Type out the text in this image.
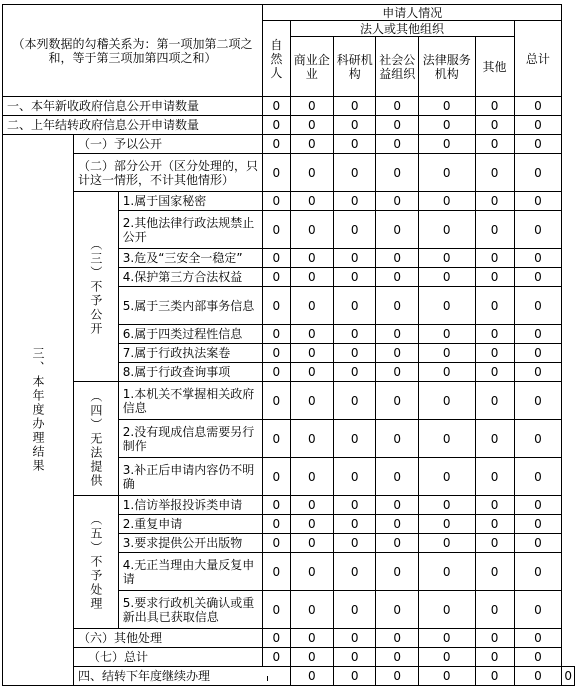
（本列数据的勾稽关系为：第一项加第二项之和，等于第三项加第四项之和）			申请人情况							
			自然人	法人或其他组织					总计	
				商业企业	科研机构	社会公益组织	法律服务机构	其他		
一、本年新收政府信息公开申请数量			0	0	0	0	0	0	0	
二、上年结转政府信息公开申请数量			0	0	0	0	0	0	0	
三、本年度办理结果	（一）予以公开		0	0	0	0	0	0	0	
	（二）部分公开（区分处理的，只计这一情形，不计其他情形）		0	0	0	0	0	0	0	
	（三）不予公开	1.属于国家秘密	0	0	0	0	0	0	0	
		2.其他法律行政法规禁止公开	0	0	0	0	0	0	0	
		3.危及“三安全一稳定”	0	0	0	0	0	0	0	
		4.保护第三方合法权益	0	0	0	0	0	0	0	
		5.属于三类内部事务信息	0	0	0	0	0	0	0	
		6.属于四类过程性信息	0	0	0	0	0	0	0	
		7.属于行政执法案卷	0	0	0	0	0	0	0	
		8.属于行政查询事项	0	0	0	0	0	0	0	
	（四）无法提供	1.本机关不掌握相关政府信息	0	0	0	0	0	0	0	
		2.没有现成信息需要另行制作	0	0	0	0	0	0	0	
		3.补正后申请内容仍不明确	0	0	0	0	0	0	0	
	（五）不予处理	1.信访举报投诉类申请	0	0	0	0	0	0	0	
		2.重复申请	0	0	0	0	0	0	0	
		3.要求提供公开出版物	0	0	0	0	0	0	0	
		4.无正当理由大量反复申请	0	0	0	0	0	0	0	
		5.要求行政机关确认或重新出具已获取信息	0	0	0	0	0	0	0	
	（六）其他处理		0	0	0	0	0	0	0	
	（七）总计		0	0	0	0	0	0	0	
	四、结转下年度继续办理			0	0	0	0	0	0	0
